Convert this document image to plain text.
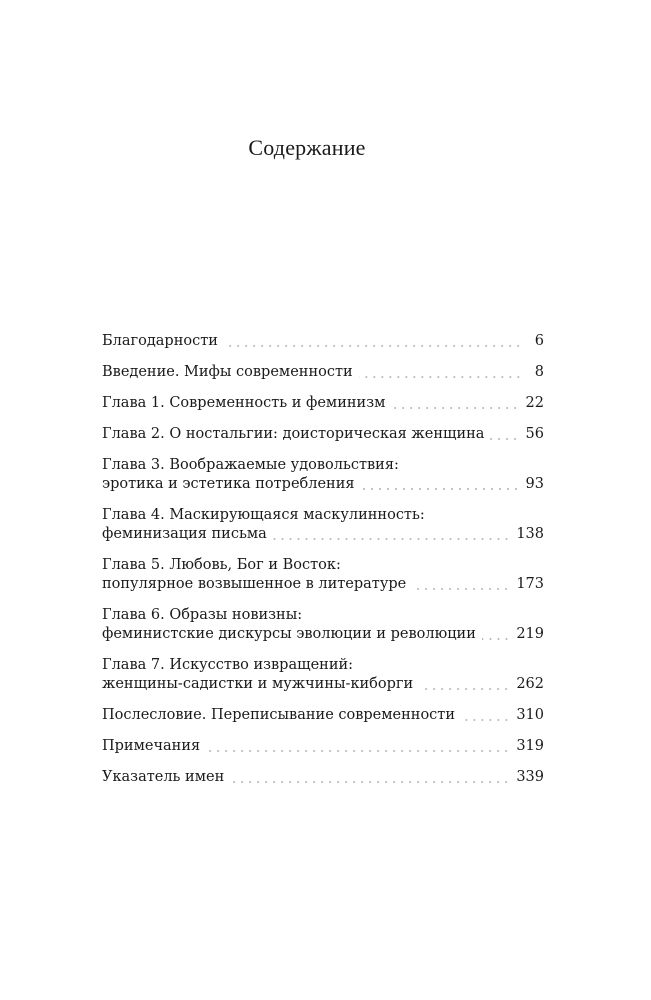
Содержание
Благодарности	6
Введение. Мифы современности	8
Глава 1. Современность и феминизм	22
Глава 2. О ностальгии: доисторическая женщина	56
Глава 3. Воображаемые удовольствия:
эротика и эстетика потребления	93
Глава 4. Маскирующаяся маскулинность:
феминизация письма	138
Глава 5. Любовь, Бог и Восток:
популярное возвышенное в литературе	173
Глава 6. Образы новизны:
феминистские дискурсы эволюции и революции	219
Глава 7. Искусство извращений:
женщины-садистки и мужчины-киборги	262
Послесловие. Переписывание современности	310
Примечания	319
Указатель имен	339
